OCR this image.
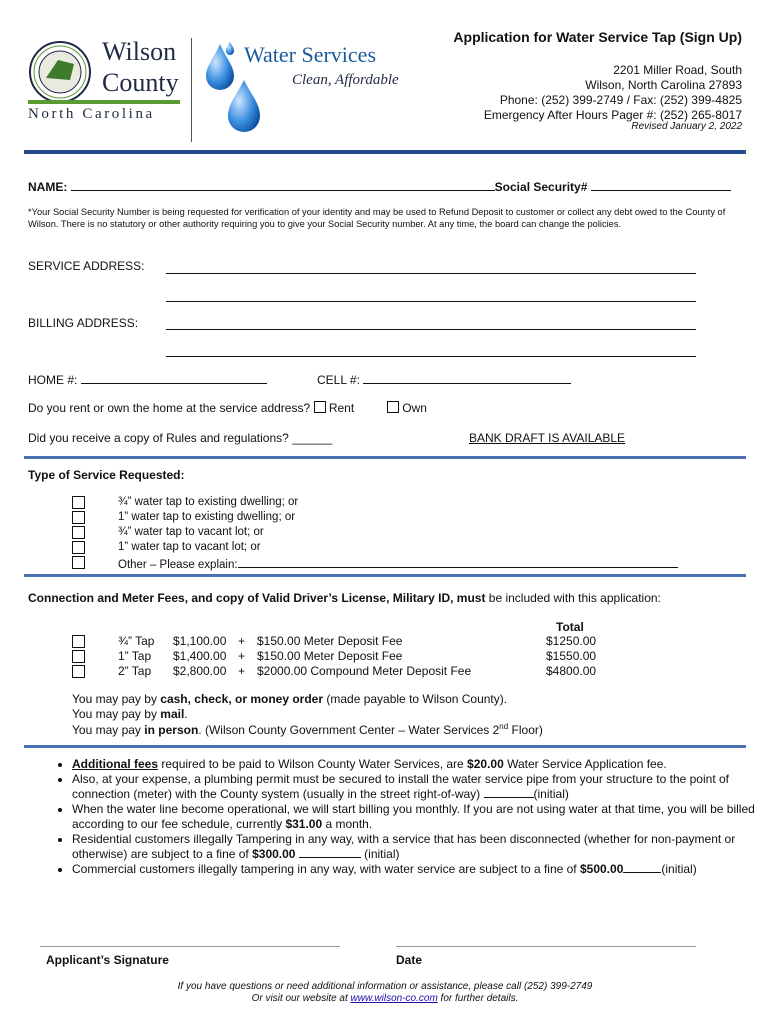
Wilson
County
North Carolina
Water Services
Clean, Affordable
Application for Water Service Tap (Sign Up)
2201 Miller Road, South
Wilson, North Carolina 27893
Phone: (252) 399-2749 / Fax: (252) 399-4825
Emergency After Hours Pager #: (252) 265-8017
Revised January 2, 2022
NAME:	Social Security#
*Your Social Security Number is being requested for verification of your identity and may be used to Refund Deposit to customer or collect any debt owed to the County of Wilson. There is no statutory or other authority requiring you to give your Social Security number. At any time, the board can change the policies.
SERVICE ADDRESS:
BILLING ADDRESS:
HOME #:	CELL #:
Do you rent or own the home at the service address? Rent	Own
Did you receive a copy of Rules and regulations? ______	BANK DRAFT IS AVAILABLE
Type of Service Requested:
¾” water tap to existing dwelling; or
1” water tap to existing dwelling; or
¾” water tap to vacant lot; or
1” water tap to vacant lot; or
Other – Please explain:
Connection and Meter Fees, and copy of Valid Driver’s License, Military ID, must be included with this application:
Total
¾” Tap $1,100.00 + $150.00 Meter Deposit Fee	$1250.00
1” Tap $1,400.00 + $150.00 Meter Deposit Fee	$1550.00
2” Tap $2,800.00 + $2000.00 Compound Meter Deposit Fee	$4800.00
You may pay by cash, check, or money order (made payable to Wilson County).
You may pay by mail.
You may pay in person. (Wilson County Government Center – Water Services 2nd Floor)
• Additional fees required to be paid to Wilson County Water Services, are $20.00 Water Service Application fee.
• Also, at your expense, a plumbing permit must be secured to install the water service pipe from your structure to the point of connection (meter) with the County system (usually in the street right-of-way)	(initial)
• When the water line become operational, we will start billing you monthly. If you are not using water at that time, you will be billed according to our fee schedule, currently $31.00 a month.
• Residential customers illegally Tampering in any way, with a service that has been disconnected (whether for non-payment or otherwise) are subject to a fine of $300.00	(initial)
• Commercial customers illegally tampering in any way, with water service are subject to a fine of $500.00	(initial)
Applicant’s Signature	Date
If you have questions or need additional information or assistance, please call (252) 399-2749
Or visit our website at www.wilson-co.com for further details.
